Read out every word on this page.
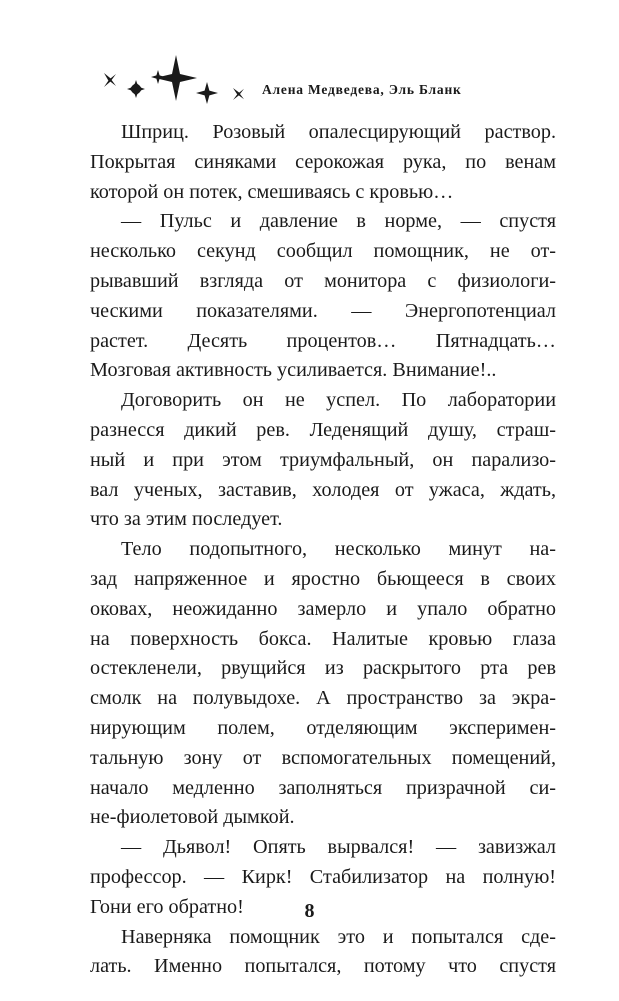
Алена Медведева, Эль Бланк
Шприц. Розовый опалесцирующий раствор.
Покрытая синяками серокожая рука, по венам
которой он потек, смешиваясь с кровью…
— Пульс и давление в норме, — спустя
несколько секунд сообщил помощник, не от-
рывавший взгляда от монитора с физиологи-
ческими показателями. — Энергопотенциал
растет. Десять процентов… Пятнадцать…
Мозговая активность усиливается. Внимание!..
Договорить он не успел. По лаборатории
разнесся дикий рев. Леденящий душу, страш-
ный и при этом триумфальный, он парализо-
вал ученых, заставив, холодея от ужаса, ждать,
что за этим последует.
Тело подопытного, несколько минут на-
зад напряженное и яростно бьющееся в своих
оковах, неожиданно замерло и упало обратно
на поверхность бокса. Налитые кровью глаза
остекленели, рвущийся из раскрытого рта рев
смолк на полувыдохе. А пространство за экра-
нирующим полем, отделяющим эксперимен-
тальную зону от вспомогательных помещений,
начало медленно заполняться призрачной си-
не-фиолетовой дымкой.
— Дьявол! Опять вырвался! — завизжал
профессор. — Кирк! Стабилизатор на полную!
Гони его обратно!
Наверняка помощник это и попытался сде-
лать. Именно попытался, потому что спустя
8
